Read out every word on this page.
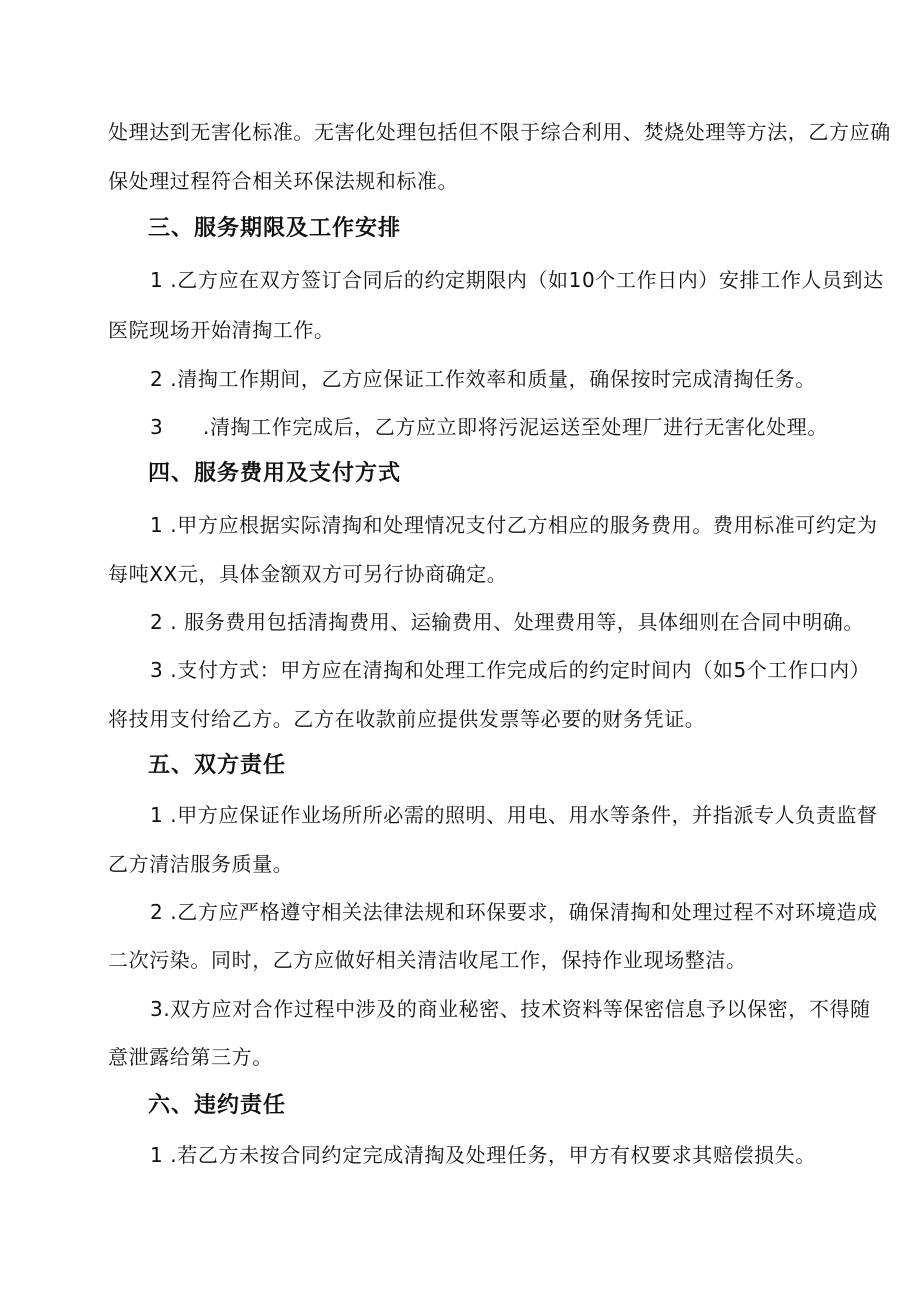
处理达到无害化标准。无害化处理包括但不限于综合利用、焚烧处理等方法，乙方应确
保处理过程符合相关环保法规和标准。
三、服务期限及工作安排
1 .乙方应在双方签订合同后的约定期限内（如10个工作日内）安排工作人员到达
医院现场开始清掏工作。
2 .清掏工作期间，乙方应保证工作效率和质量，确保按时完成清掏任务。
3 .清掏工作完成后，乙方应立即将污泥运送至处理厂进行无害化处理。
四、服务费用及支付方式
1 .甲方应根据实际清掏和处理情况支付乙方相应的服务费用。费用标准可约定为
每吨XX元，具体金额双方可另行协商确定。
2 . 服务费用包括清掏费用、运输费用、处理费用等，具体细则在合同中明确。
3 .支付方式：甲方应在清掏和处理工作完成后的约定时间内（如5个工作口内）
将技用支付给乙方。乙方在收款前应提供发票等必要的财务凭证。
五、双方责任
1 .甲方应保证作业场所所必需的照明、用电、用水等条件，并指派专人负责监督
乙方清洁服务质量。
2 .乙方应严格遵守相关法律法规和环保要求，确保清掏和处理过程不对环境造成
二次污染。同时，乙方应做好相关清洁收尾工作，保持作业现场整洁。
3.双方应对合作过程中涉及的商业秘密、技术资料等保密信息予以保密，不得随
意泄露给第三方。
六、违约责任
1 .若乙方未按合同约定完成清掏及处理任务，甲方有权要求其赔偿损失。
